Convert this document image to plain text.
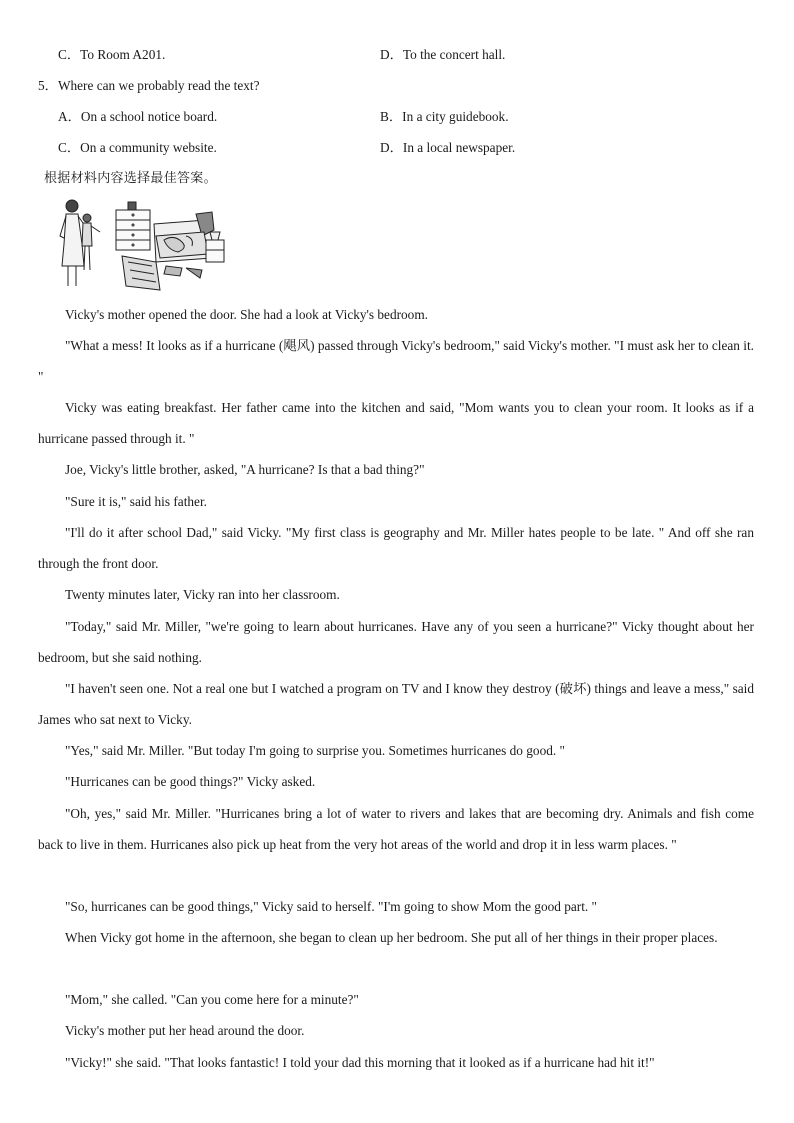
C．To Room A201.	D．To the concert hall.
5．Where can we probably read the text?
A．On a school notice board.	B．In a city guidebook.
C．On a community website.	D．In a local newspaper.
根据材料内容选择最佳答案。

Vicky's mother opened the door. She had a look at Vicky's bedroom.

"What a mess! It looks as if a hurricane (飓风) passed through Vicky's bedroom," said Vicky's mother. "I must ask her to clean it. "

Vicky was eating breakfast. Her father came into the kitchen and said, "Mom wants you to clean your room. It looks as if a hurricane passed through it. "

Joe, Vicky's little brother, asked, "A hurricane? Is that a bad thing?"

"Sure it is," said his father.

"I'll do it after school Dad," said Vicky. "My first class is geography and Mr. Miller hates people to be late. " And off she ran through the front door.

Twenty minutes later, Vicky ran into her classroom.

"Today," said Mr. Miller, "we're going to learn about hurricanes. Have any of you seen a hurricane?" Vicky thought about her bedroom, but she said nothing.

"I haven't seen one. Not a real one but I watched a program on TV and I know they destroy (破坏) things and leave a mess," said James who sat next to Vicky.

"Yes," said Mr. Miller. "But today I'm going to surprise you. Sometimes hurricanes do good. "

"Hurricanes can be good things?" Vicky asked.

"Oh, yes," said Mr. Miller. "Hurricanes bring a lot of water to rivers and lakes that are becoming dry. Animals and fish come back to live in them. Hurricanes also pick up heat from the very hot areas of the world and drop it in less warm places. "

"So, hurricanes can be good things," Vicky said to herself. "I'm going to show Mom the good part. "

When Vicky got home in the afternoon, she began to clean up her bedroom. She put all of her things in their proper places.

"Mom," she called. "Can you come here for a minute?"

Vicky's mother put her head around the door.

"Vicky!" she said. "That looks fantastic! I told your dad this morning that it looked as if a hurricane had hit it!"
